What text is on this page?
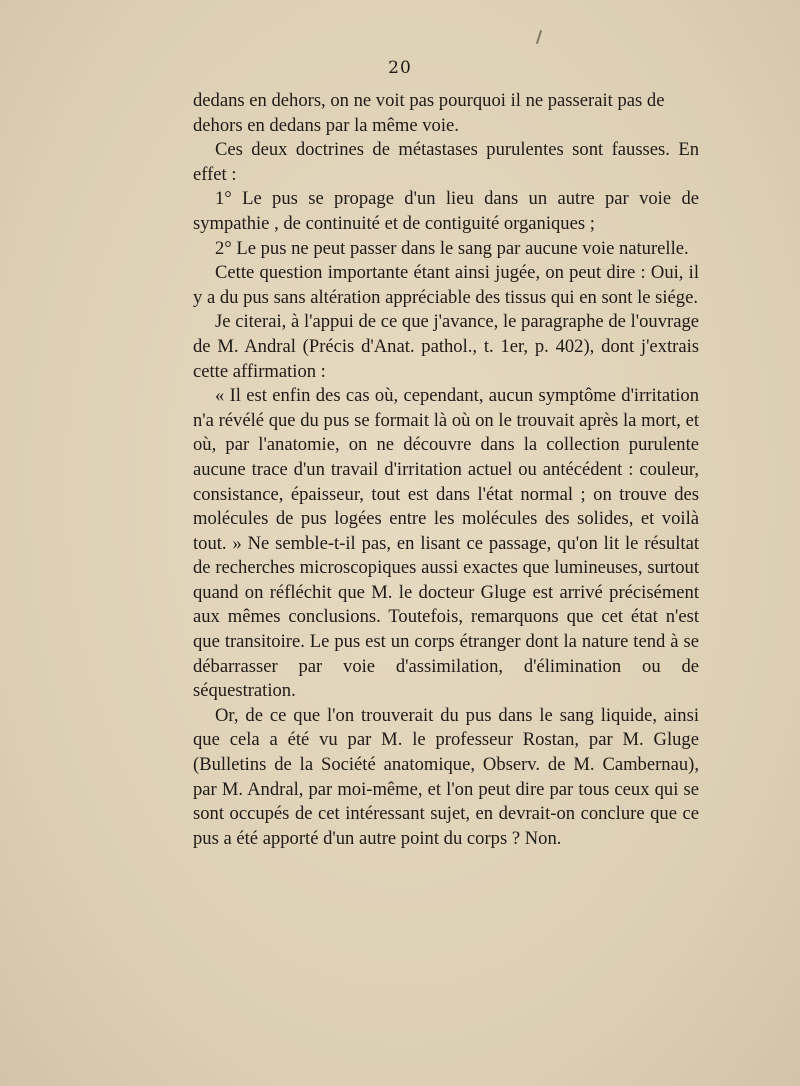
20

dedans en dehors, on ne voit pas pourquoi il ne passerait pas de dehors en dedans par la même voie.

Ces deux doctrines de métastases purulentes sont fausses. En effet :

1° Le pus se propage d'un lieu dans un autre par voie de sympathie , de continuité et de contiguité organiques ;

2° Le pus ne peut passer dans le sang par aucune voie naturelle.

Cette question importante étant ainsi jugée, on peut dire : Oui, il y a du pus sans altération appréciable des tissus qui en sont le siége.

Je citerai, à l'appui de ce que j'avance, le paragraphe de l'ouvrage de M. Andral (Précis d'Anat. pathol., t. 1er, p. 402), dont j'extrais cette affirmation :

« Il est enfin des cas où, cependant, aucun symptôme d'irritation n'a révélé que du pus se formait là où on le trouvait après la mort, et où, par l'anatomie, on ne découvre dans la collection purulente aucune trace d'un travail d'irritation actuel ou antécédent : couleur, consistance, épaisseur, tout est dans l'état normal ; on trouve des molécules de pus logées entre les molécules des solides, et voilà tout. » Ne semble-t-il pas, en lisant ce passage, qu'on lit le résultat de recherches microscopiques aussi exactes que lumineuses, surtout quand on réfléchit que M. le docteur Gluge est arrivé précisément aux mêmes conclusions. Toutefois, remarquons que cet état n'est que transitoire. Le pus est un corps étranger dont la nature tend à se débarrasser par voie d'assimilation, d'élimination ou de séquestration.

Or, de ce que l'on trouverait du pus dans le sang liquide, ainsi que cela a été vu par M. le professeur Rostan, par M. Gluge (Bulletins de la Société anatomique, Observ. de M. Cambernau), par M. Andral, par moi-même, et l'on peut dire par tous ceux qui se sont occupés de cet intéressant sujet, en devrait-on conclure que ce pus a été apporté d'un autre point du corps ? Non.
